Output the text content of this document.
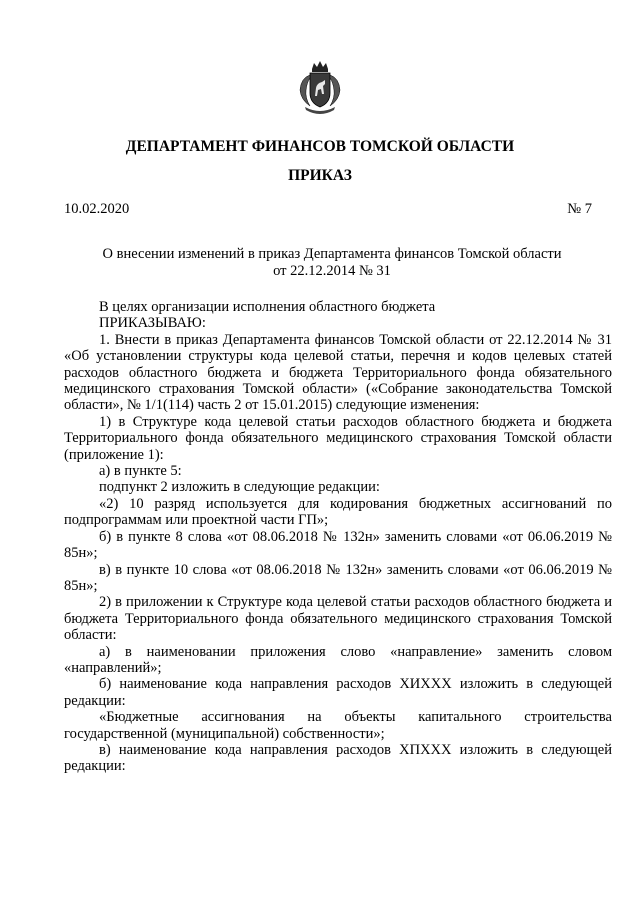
ДЕПАРТАМЕНТ ФИНАНСОВ ТОМСКОЙ ОБЛАСТИ
ПРИКАЗ
10.02.2020	№ 7
О внесении изменений в приказ Департамента финансов Томской области
от 22.12.2014 № 31

В целях организации исполнения областного бюджета

ПРИКАЗЫВАЮ:

1. Внести в приказ Департамента финансов Томской области от 22.12.2014 № 31 «Об установлении структуры кода целевой статьи, перечня и кодов целевых статей расходов областного бюджета и бюджета Территориального фонда обязательного медицинского страхования Томской области» («Собрание законодательства Томской области», № 1/1(114) часть 2 от 15.01.2015) следующие изменения:

1) в Структуре кода целевой статьи расходов областного бюджета и бюджета Территориального фонда обязательного медицинского страхования Томской области (приложение 1):

а) в пункте 5:

подпункт 2 изложить в следующие редакции:

«2) 10 разряд используется для кодирования бюджетных ассигнований по подпрограммам или проектной части ГП»;

б) в пункте 8 слова «от 08.06.2018 № 132н» заменить словами «от 06.06.2019 № 85н»;

в) в пункте 10 слова «от 08.06.2018 № 132н» заменить словами «от 06.06.2019 № 85н»;

2) в приложении к Структуре кода целевой статьи расходов областного бюджета и бюджета Территориального фонда обязательного медицинского страхования Томской области:

а) в наименовании приложения слово «направление» заменить словом «направлений»;

б) наименование кода направления расходов ХИХХХ изложить в следующей редакции:

«Бюджетные ассигнования на объекты капитального строительства государственной (муниципальной) собственности»;

в) наименование кода направления расходов ХПХХХ изложить в следующей редакции:
